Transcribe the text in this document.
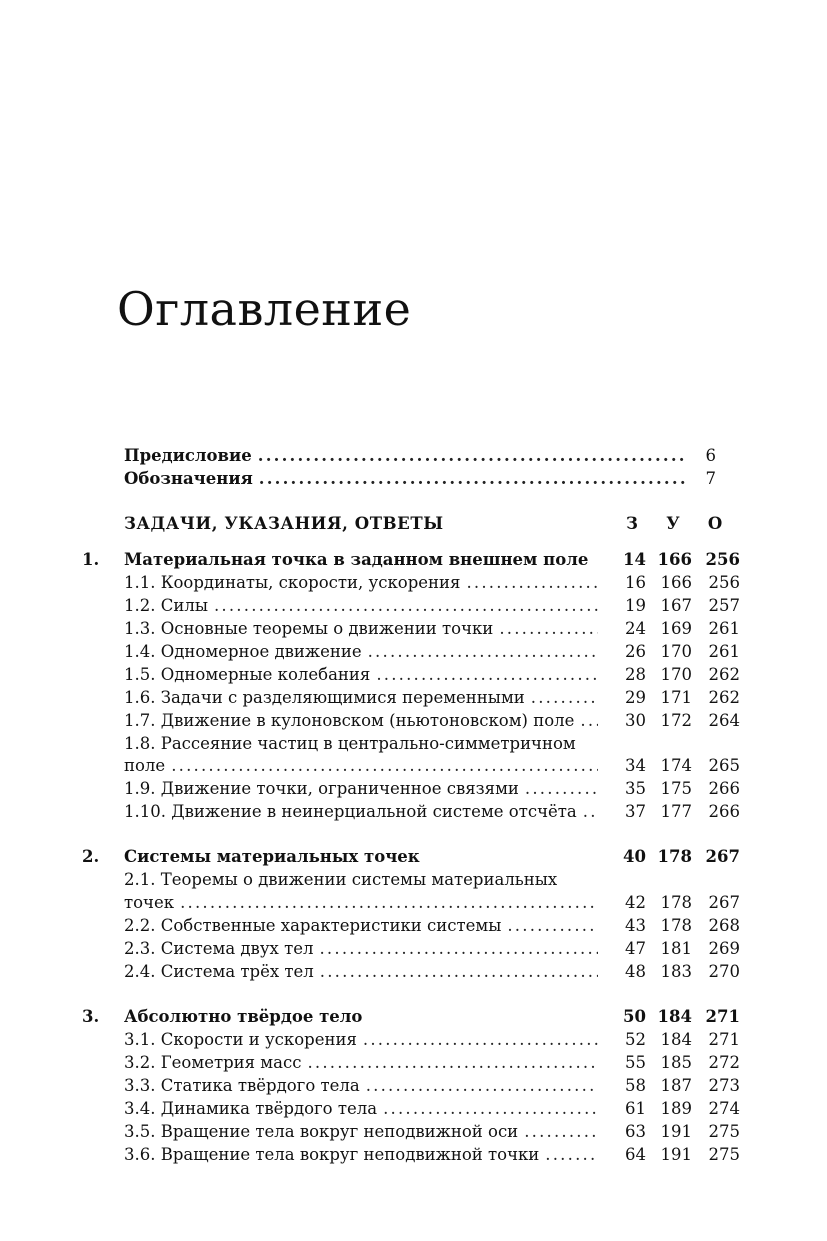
Оглавление
Предисловие .....	6
Обозначения .....	7
ЗАДАЧИ, УКАЗАНИЯ, ОТВЕТЫ	З	У	О
1. Материальная точка в заданном внешнем поле	14 166 256
1.1. Координаты, скорости, ускорения .....	16 166	256
1.2. Силы .....	19 167	257
1.3. Основные теоремы о движении точки .....	24 169	261
1.4. Одномерное движение .....	26 170	261
1.5. Одномерные колебания .....	28 170	262
1.6. Задачи с разделяющимися переменными .....	29 171	262
1.7. Движение в кулоновском (ньютоновском) поле .....	30 172	264
1.8. Рассеяние частиц в центрально-симметричном
поле .....	34 174	265
1.9. Движение точки, ограниченное связями .....	35 175	266
1.10. Движение в неинерциальной системе отсчёта .....	37 177	266
2. Системы материальных точек	40 178 267
2.1. Теоремы о движении системы материальных
точек .....	42 178	267
2.2. Собственные характеристики системы .....	43 178	268
2.3. Система двух тел .....	47 181	269
2.4. Система трёх тел .....	48 183	270
3. Абсолютно твёрдое тело	50 184 271
3.1. Скорости и ускорения .....	52 184	271
3.2. Геометрия масс .....	55 185	272
3.3. Статика твёрдого тела .....	58 187	273
3.4. Динамика твёрдого тела .....	61 189	274
3.5. Вращение тела вокруг неподвижной оси .....	63 191	275
3.6. Вращение тела вокруг неподвижной точки .....	64 191	275
